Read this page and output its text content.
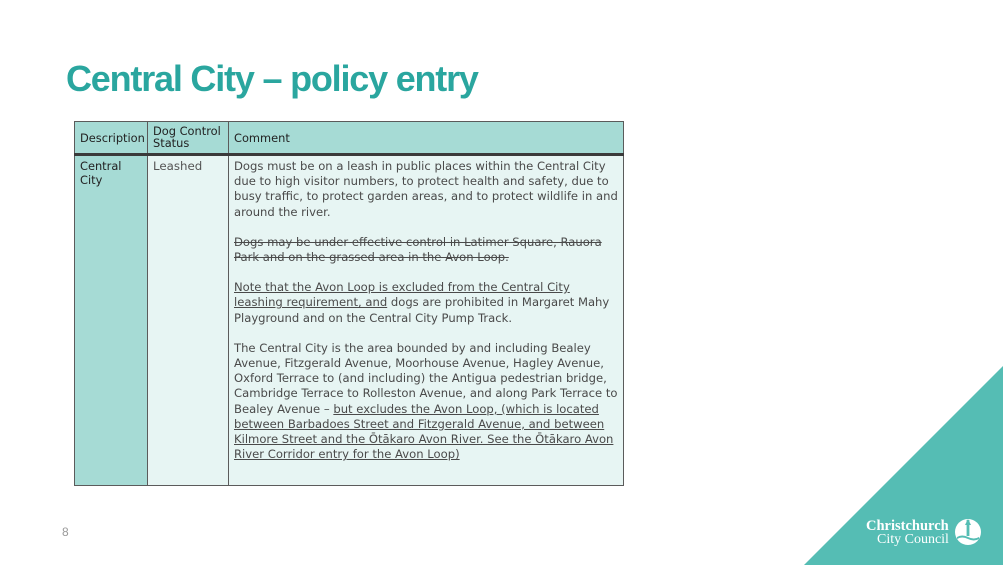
Central City – policy entry
Description	Dog Control Status	Comment
Central City	Leashed	Dogs must be on a leash in public places within the Central City due to high visitor numbers, to protect health and safety, due to busy traffic, to protect garden areas, and to protect wildlife in and around the river.

Dogs may be under effective control in Latimer Square, Rauora Park and on the grassed area in the Avon Loop.

Note that the Avon Loop is excluded from the Central City leashing requirement, and dogs are prohibited in Margaret Mahy Playground and on the Central City Pump Track.

The Central City is the area bounded by and including Bealey Avenue, Fitzgerald Avenue, Moorhouse Avenue, Hagley Avenue, Oxford Terrace to (and including) the Antigua pedestrian bridge, Cambridge Terrace to Rolleston Avenue, and along Park Terrace to Bealey Avenue – but excludes the Avon Loop, (which is located between Barbadoes Street and Fitzgerald Avenue, and between Kilmore Street and the Ōtākaro Avon River. See the Ōtākaro Avon River Corridor entry for the Avon Loop)

8	Christchurch
City Council
